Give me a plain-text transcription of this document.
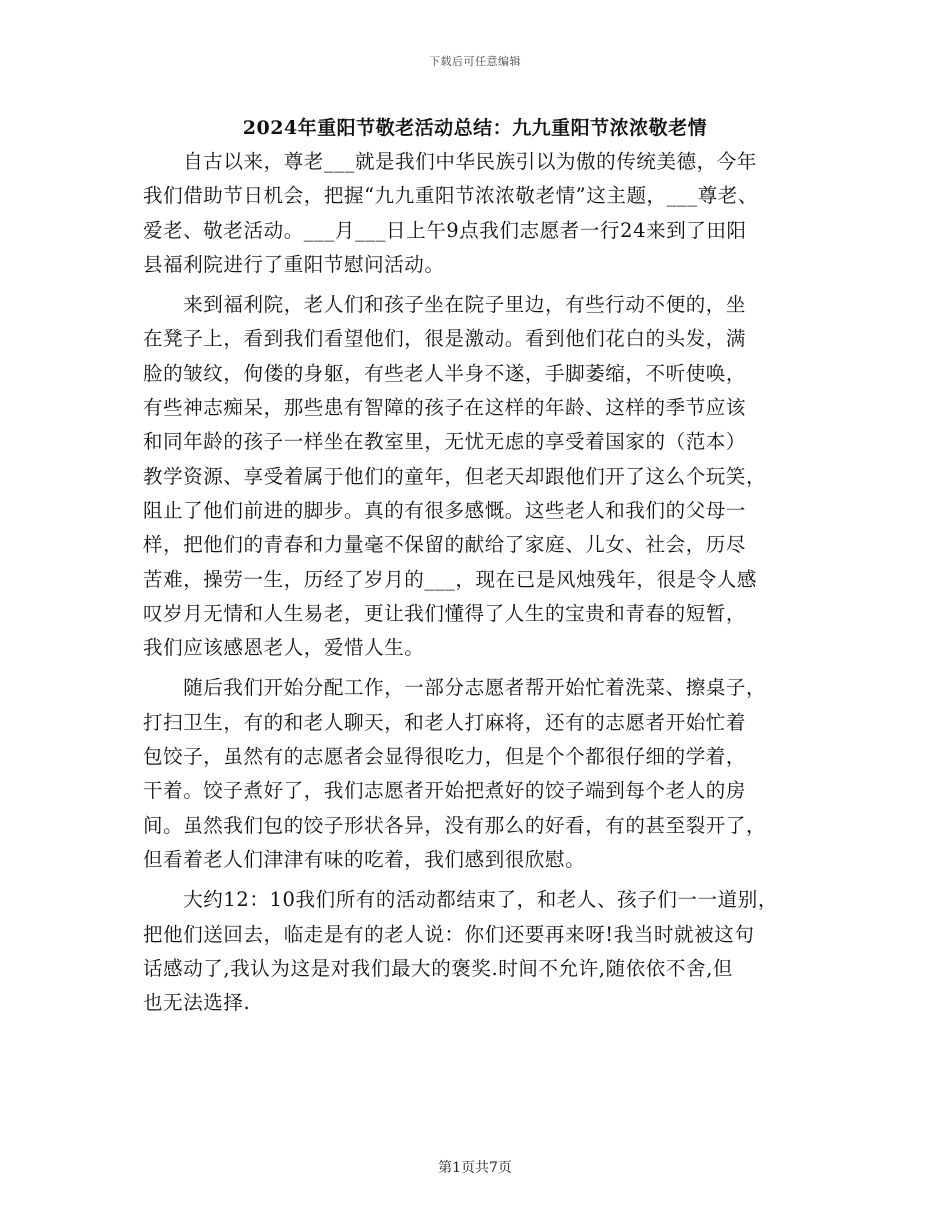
下载后可任意编辑
2024年重阳节敬老活动总结：九九重阳节浓浓敬老情
　　自古以来，尊老___就是我们中华民族引以为傲的传统美德，今年
我们借助节日机会，把握“九九重阳节浓浓敬老情”这主题，___尊老、
爱老、敬老活动。___月___日上午9点我们志愿者一行24来到了田阳
县福利院进行了重阳节慰问活动。
　　来到福利院，老人们和孩子坐在院子里边，有些行动不便的，坐
在凳子上，看到我们看望他们，很是激动。看到他们花白的头发，满
脸的皱纹，佝偻的身躯，有些老人半身不遂，手脚萎缩，不听使唤，
有些神志痴呆，那些患有智障的孩子在这样的年龄、这样的季节应该
和同年龄的孩子一样坐在教室里，无忧无虑的享受着国家的（范本）
教学资源、享受着属于他们的童年，但老天却跟他们开了这么个玩笑，
阻止了他们前进的脚步。真的有很多感慨。这些老人和我们的父母一
样，把他们的青春和力量毫不保留的献给了家庭、儿女、社会，历尽
苦难，操劳一生，历经了岁月的___，现在已是风烛残年，很是令人感
叹岁月无情和人生易老，更让我们懂得了人生的宝贵和青春的短暂，
我们应该感恩老人，爱惜人生。
　　随后我们开始分配工作，一部分志愿者帮开始忙着洗菜、擦桌子，
打扫卫生，有的和老人聊天，和老人打麻将，还有的志愿者开始忙着
包饺子，虽然有的志愿者会显得很吃力，但是个个都很仔细的学着，
干着。饺子煮好了，我们志愿者开始把煮好的饺子端到每个老人的房
间。虽然我们包的饺子形状各异，没有那么的好看，有的甚至裂开了，
但看着老人们津津有味的吃着，我们感到很欣慰。
　　大约12：10我们所有的活动都结束了，和老人、孩子们一一道别，
把他们送回去，临走是有的老人说：你们还要再来呀!我当时就被这句
话感动了,我认为这是对我们最大的褒奖.时间不允许,随依依不舍,但
也无法选择.
第1页共7页
